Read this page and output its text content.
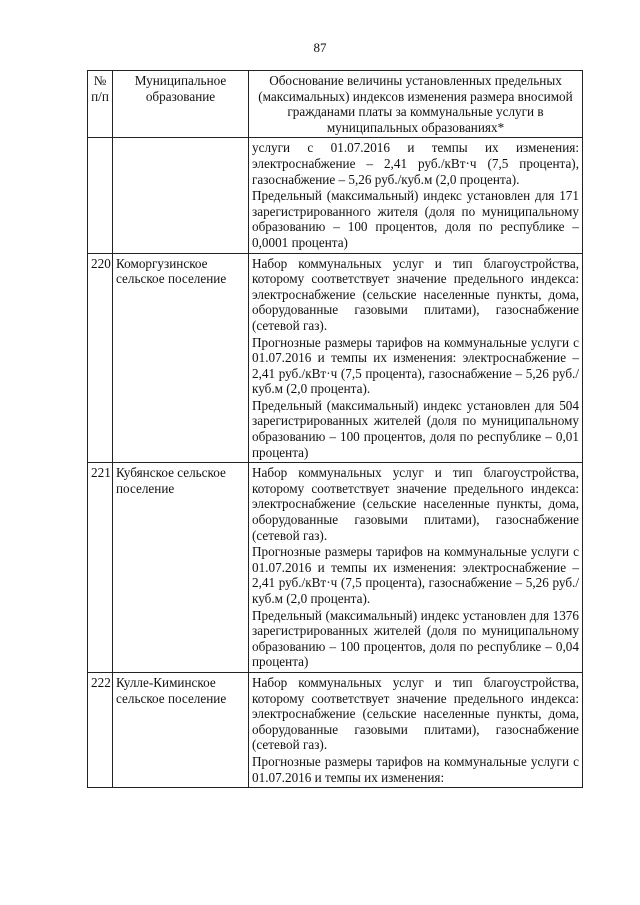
87
№ п/п	Муниципальное образование	Обоснование величины установленных предельных (максимальных) индексов изменения размера вносимой гражданами платы за коммунальные услуги в муниципальных образованиях*

		услуги с 01.07.2016 и темпы их изменения: электроснабжение – 2,41 руб./кВт·ч (7,5 процента), газоснабжение – 5,26 руб./куб.м (2,0 процента).

Предельный (максимальный) индекс установлен для 171 зарегистрированного жителя (доля по муниципальному образованию – 100 процентов, доля по республике – 0,0001 процента)

220	Коморгузинское сельское поселение	Набор коммунальных услуг и тип благоустройства, которому соответствует значение предельного индекса: электроснабжение (сельские населенные пункты, дома, оборудованные газовыми плитами), газоснабжение (сетевой газ).

Прогнозные размеры тарифов на коммунальные услуги с 01.07.2016 и темпы их изменения: электроснабжение – 2,41 руб./кВт·ч (7,5 процента), газоснабжение – 5,26 руб./куб.м (2,0 процента).

Предельный (максимальный) индекс установлен для 504 зарегистрированных жителей (доля по муниципальному образованию – 100 процентов, доля по республике – 0,01 процента)

221	Кубянское сельское поселение	Набор коммунальных услуг и тип благоустройства, которому соответствует значение предельного индекса: электроснабжение (сельские населенные пункты, дома, оборудованные газовыми плитами), газоснабжение (сетевой газ).

Прогнозные размеры тарифов на коммунальные услуги с 01.07.2016 и темпы их изменения: электроснабжение – 2,41 руб./кВт·ч (7,5 процента), газоснабжение – 5,26 руб./куб.м (2,0 процента).

Предельный (максимальный) индекс установлен для 1376 зарегистрированных жителей (доля по муниципальному образованию – 100 процентов, доля по республике – 0,04 процента)

222	Кулле-Киминское сельское поселение	Набор коммунальных услуг и тип благоустройства, которому соответствует значение предельного индекса: электроснабжение (сельские населенные пункты, дома, оборудованные газовыми плитами), газоснабжение (сетевой газ).

Прогнозные размеры тарифов на коммунальные услуги с 01.07.2016 и темпы их изменения:
